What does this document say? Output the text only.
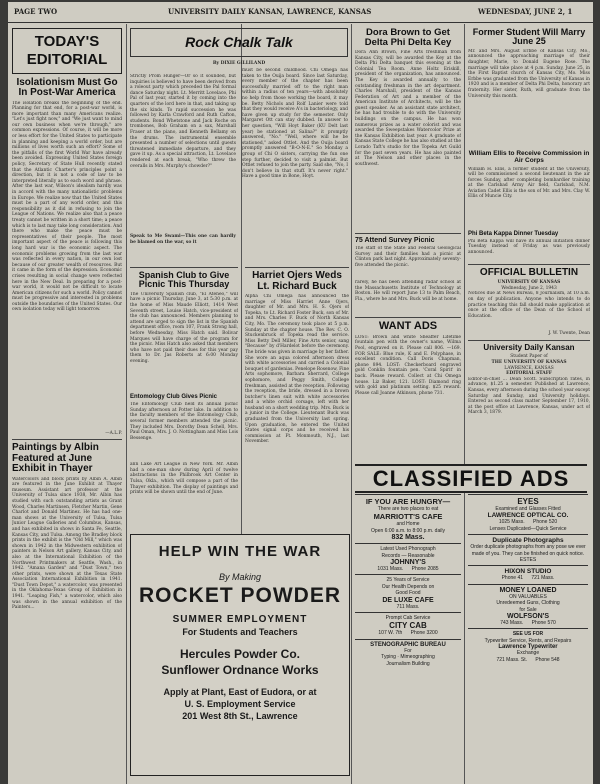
PAGE TWO	UNIVERSITY DAILY KANSAN, LAWRENCE, KANSAS	WEDNESDAY, JUNE 2, 1
TODAY'S
EDITORIAL
Isolationism Must Go In Post-War America
The isolation breaks the beginning of the end. Planning for that end, for a post-war world, is more important than many Americans realize. "Let's just fight now," and "We just want to mind our own business when we're through," are common expressions. Of course, it will be more or less effort for the United States to participate in planning and keeping a world order, but are millions of lives worth such an effort? Some of the pitfalls of the first World War have already been avoided. Expressing United States foreign policy, Secretary of State Hull recently stated that the Atlantic Charter's principles point a direction, but it is not a code of law to be interpreted literally as to each word and phrase. After the last war, Wilson's idealism hardly was in accord with the many nationalistic problems in Europe. We realize now that the United States must be a part of any world order, and this responsibility as it did in refusing to join the League of Nations. We realize also that a peace treaty cannot be written in a short time; a peace which is to last may take long consideration. And there who make the peace must be representatives of their people. The most important aspect of the peace is following this long hard war is the economic aspect. The economic problems growing from the last war was reflected in every nation, in our own lost because of our greater wealth of resources. But it came in the form of the depression. Economic crises resulting in social change were reflected here in the New Deal. In preparing for a post-war world, it would not be difficult to locate American citizens for such a world. Policy cannot must be progressive and interested in problems outside the boundaries of the United States. Our own isolation today will light tomorrow.
—A.L.P.
Paintings by Albin Featured at June Exhibit in Thayer
Watercolors and block prints by Albin A. Albin are featured in the June Exhibit at Thayer museum. Assistant art professor at the University of Tulsa since 1938, Mr. Albin has studied with such outstanding artists as Grant Wood, Charles Martinsen, Fletcher Martin, Gene Charlot and Donald Martinez. He has had one-man shows at the University of Tulsa, Tulsa Junior League Galleries and Columbus, Kansas, and has exhibited in shows in Santa Fe, Seattle, Kansas City, and Tulsa. Among the Bradley block prints in the exhibit is the "Old Mill," which was shown in 1942 in the Midwestern exhibition of painters in Nelson Art gallery, Kansas City, and also at the International Exhibition of the Northwest Printmakers at Seattle, Wash., in 1942. "Amana Garden" and "Dust Town," two other prints, were shown at the Texas State Association International Exhibition in 1941. "Dust Town Depot," a watercolor, was presented in the Oklahoma-Texas Group of Exhibition in 1941. "Leaping Fish," a watercolor, which also was shown in the annual exhibition of the Painters...
Rock Chalk Talk
By DIXIE GILLILAND
Strictly Prom Hunger—Or so it sounded, but inquiries is believed to have been derived from a roleout party which preceded the Pal formal dance Saturday night. Lt. Merritt Lovelace, Phi Pal of last year, started it by coming into the quarters of the lord here in that, and taking up the six kinds. To rapid succession he was followed by Karla Crawford and Ruth Cafton, students. Bond Whetstone and Jack Roche on trombones, Bob Graham on a sax, Marshall Fraser at the piano, and Kenneth Bellamy on the drums. The instrumental ensemble presented a number of selections until guests threatened immediate departure, and they gave it up. As a special attraction, Lt. Lovelace rendered at each break, "Who threw the overalls in Mrs. Murphy's chowder?"
Speak to Me Swami—This one can hardly be blamed on the war, so it
must be second childhood. Chi Omega has taken to the Ouija board. Since last Saturday, every member of the chapter has been successfully married off to the right man within a radius of ten years—with absolutely no help from those working the board, it may be. Betty Nichols and Rolf Lanier were told that they would receive A's in bacteriology, and have given up study for the semester. Only Margaret Ott can stay dubbed. In answer to her question, "Will Hoyt Baker (KU Delt last year) be stationed at Salina?" it promptly answered, "No." "Well, where will he be stationed," asked Ottlet. And the Ouija board promptly answered "B-O-N-E." So Monday a group of Chi O sisters, carrying the fun one step further, decided to visit a palmist. But Ottlet refused to join the party. Said she, "No, I don't believe in that stuff. It's never right." Have a good time in Bone, Hoyt.
Spanish Club to Give Picnic This Thursday
The University Spanish club, "El Ateneo," will have a picnic Thursday, June 3, at 5:30 p.m. at the home of Miss Maude Elliott, 1414 West Seventh street, Louise Hatch, vice-president of the club has announced. Members planning to attend are urged to sign the list in the Spanish department office, room 107, Frank Strong hall, before Wednesday, Miss Hatch said. Bolivar Marques will have charge of the program for the picnic. Miss Hatch also asked that members who have not paid their dues for this year pay them to Dr. Jas Roberts at 6:00 Monday evening.
Entomology Club Gives Picnic
The Entomology Club held its annual picnic Sunday afternoon at Potter lake. In addition to the faculty members of the Entomology Club, several former members attended the picnic. They included Mrs. Dorothy Dean Schell, Mrs. Paul Oman, Mrs. J. O. Nottingham and Miss Lois Bessenge.
ann Lake Art League in New York. Mr. Albin had a one-man show during April of twelve abstractions in the Philbrook Art Center in Tulsa, Okla., which will compose a part of the Thayer exhibition. The display of paintings and prints will be shown until the end of June.
Harriet Ojers Weds Lt. Richard Buck
Alpha Chi Omega has announced the marriage of Miss Harriet Anne Ojers, daughter of Mr. and Mrs. H. S. Ojers of Topeka, to Lt. Richard Foster Buck, son of Mr. and Mrs. Charles F. Buck of North Kansas City, Mo. The ceremony took place at 5 p.m. Sunday at the chapter house. The Rev. C. O. Stuckenbruck of Topeka read the service. Miss Betty Dell Miller, Fine Arts senior, sang "Because" by d'Hardelot before the ceremony. The bride was given in marriage by her father. She wore an aqua colored afternoon dress with white accessories and carried a Colonial bouquet of gardenias. Penelope Rosenow, Fine Arts sophomore, Barbara Sherrard, College sophomore, and Peggy Smith, College freshman, assisted at the reception. Following the reception, the bride, dressed in a brown butcher's linen suit with white accessories and a white orchid corsage, left with her husband on a short wedding trip. Mrs. Buck is a junior in the College. Lieutenant Buck was graduated from the University last spring. Upon graduation, he entered the United States signal corps and he received his commission at Ft. Monmouth, N.J., last November.
HELP WIN THE WAR
By Making
ROCKET POWDER
SUMMER EMPLOYMENT
For Students and Teachers
Hercules Powder Co.
Sunflower Ordnance Works
Apply at Plant, East of Eudora, or at
U. S. Employment Service
201 West 8th St., Lawrence
Dora Brown to Get Delta Phi Delta Key
Dora Ann Brown, Fine Arts freshman from Kansas City, will be awarded the Key at the Delta Phi Delta banquet this evening at the Colonial Tea Room. Anne Holtz Eriskill, president of the organization, has announced. The Key is awarded annually to the outstanding freshman in the art department. Charles Marshall, president of the Kansas Federation of Art and a member of the American Institute of Architects, will be the guest speaker. As an assistant state architect, he has had trouble to do with the University buildings on the campus. He has won numerous prizes as a water colorist and was awarded the Sweepstakes Watercolor Prize at the Kansas Exhibition last year. A graduate of Kansas State College he has also studied at the Lorado Taft's studio for the Topeka Art Guild for the past seven years. He has also painted at The Nelson and other places in the southwest.
75 Attend Survey Picnic
The staff of the State and Federal Geological Survey and their families had a picnic at Clinton park last night. Approximately seventy-five attended the picnic.
rarely, he has been attending radar school at the Massachusetts Institute of Technology at Boston. He will report June 13 to Palm Beach, Fla., where he and Mrs. Buck will be at home.
WANT ADS
LOST: Brown and white Sheaffer Lifetime fountain pen with the owner's name, Wilma Pool, engraved on it. Please call 806. —169. FOR SALE: Blue rule, K and E. Polyphase, in excellent condition. Call Doris Chapman, phone 894. LOST: Checkerboard engraved gold Conklin fountain pen. 'Coral Spirit' in back. Please reward. Collect at Chi Omega house. Liz Baker, 121. LOST: Diamond ring with gold and platinum setting. $25 reward. Please call Joanne Atkinson, phone 731.
CLASSIFIED ADS
IF YOU ARE HUNGRY—
There are two places to eat
MARRIOTT'S CAFE
and Home
Open 6:00 a.m. to 8:00 p.m. daily
832 Mass.
Latest Used Phonograph
Records — Reasonable
JOHNNY'S
1031 Mass.      Phone 2085
25 Years of Service
Our Health Depends on
Good Food
DE LUXE CAFE
711 Mass.
Prompt Cab Service
CITY CAB
107 W. 7th      Phone 3200
STENOGRAPHIC BUREAU
For
Typing · Mimeographing
Journalism Building
Former Student Will Marry June 25
Mr. and Mrs. August Erbbe of Kansas City, Mo., announced the approaching marriage of their daughter, Marie, to Donald Eugene Rose. The marriage will take place at 4 p.m. Sunday, June 25, in the First Baptist church of Kansas City, Mo. Miss Erbbe was graduated from the University of Kansas in 1920 and is a member of Delta Phi Delta, honorary art fraternity. Her sister, Ruth, will graduate from the University this month.
William Ellis to Receive Commission in Air Corps
William H. Ellis, a former student at the University, will be commissioned a second lieutenant in the air forces Sunday, after completing bombardier training at the Carlsbad Army Air field, Carlsbad, N.M. Aviation Cadet Ellis is the son of Mr. and Mrs. Clay W. Ellis of Muncie City.
Phi Beta Kappa Dinner Tuesday
Phi Beta Kappa will have its annual initiation dinner Tuesday instead of Friday as was previously announced.
OFFICIAL BULLETIN
UNIVERSITY OF KANSAS
Wednesday, June 2, 1943
Notices due at News Bureau, 8 Journalism, at 10 a.m. on day of publication. Anyone who intends to do practice teaching this fall should make application at once at the office of the Dean of the School of Education.
J. W. Twente, Dean
University Daily Kansan
Student Paper of
THE UNIVERSITY OF KANSAS
LAWRENCE, KANSAS
EDITORIAL STAFF
Editor-in-chief ... Dean Scott. Subscription rates, in advance, $1.25 a semester. Published at Lawrence, Kansas, every afternoon during the school year except Saturday and Sunday, and University holidays. Entered as second class matter September 17, 1910, at the post office at Lawrence, Kansas, under act of March 3, 1879.
EYES
Examined and Glasses Fitted
LAWRENCE OPTICAL CO.
1025 Mass.      Phone 520
Lenses Duplicated—Quick Service
Duplicate Photographs
Order duplicate photographs from any pose we ever made of you. They can be finished on quick notice.
ESTES
HIXON STUDIO
Phone 41      721 Mass.
MONEY LOANED
ON VALUABLES
Unredeemed Guns, Clothing
for Sale
WOLFSON'S
743 Mass.      Phone 570
SEE US FOR
Typewriter Service, Rents, and Repairs
Lawrence Typewriter
Exchange
721 Mass. St.      Phone 548
